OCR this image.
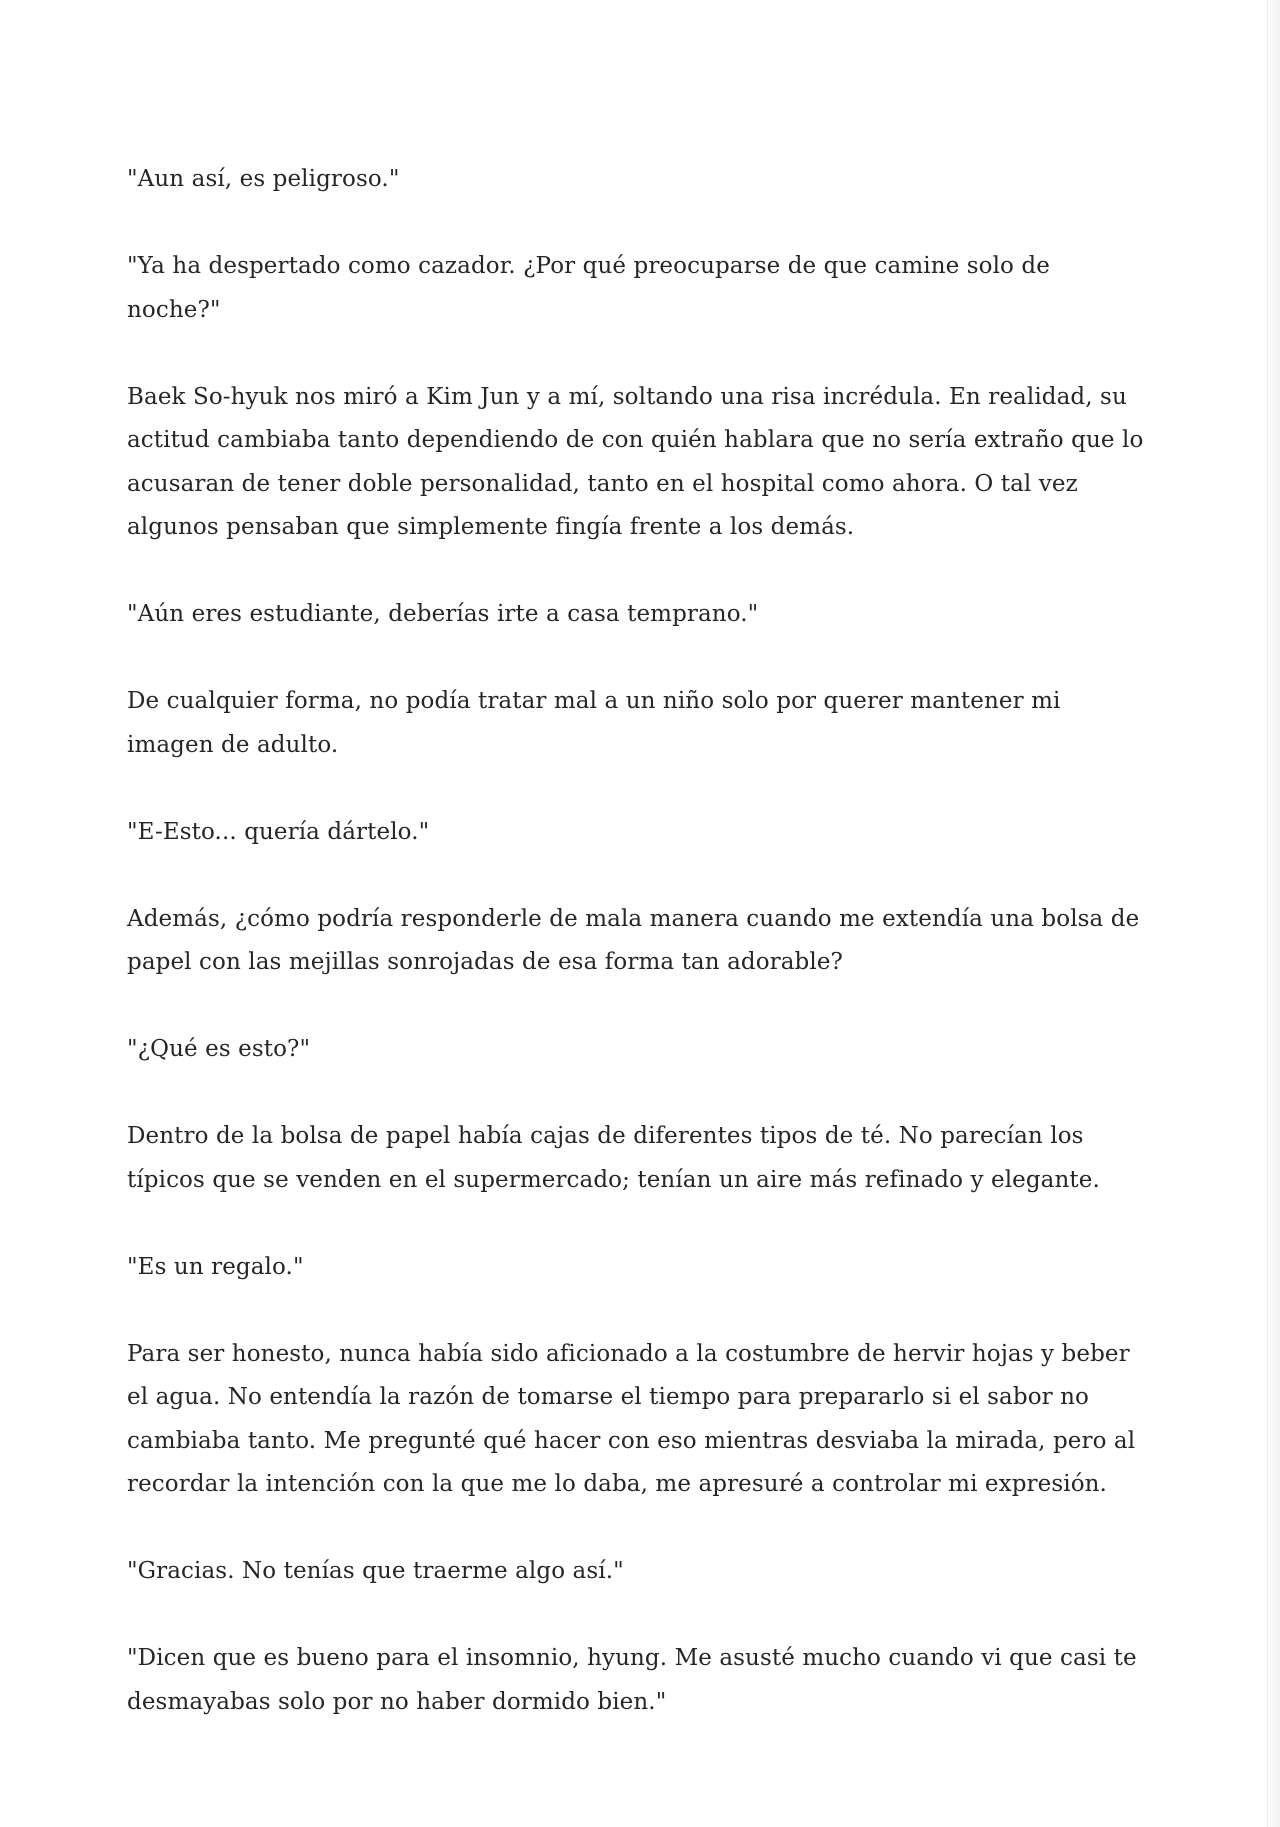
"Aun así, es peligroso."

"Ya ha despertado como cazador. ¿Por qué preocuparse de que camine solo de noche?"

Baek So-hyuk nos miró a Kim Jun y a mí, soltando una risa incrédula. En realidad, su actitud cambiaba tanto dependiendo de con quién hablara que no sería extraño que lo acusaran de tener doble personalidad, tanto en el hospital como ahora. O tal vez algunos pensaban que simplemente fingía frente a los demás.

"Aún eres estudiante, deberías irte a casa temprano."

De cualquier forma, no podía tratar mal a un niño solo por querer mantener mi imagen de adulto.

"E-Esto... quería dártelo."

Además, ¿cómo podría responderle de mala manera cuando me extendía una bolsa de papel con las mejillas sonrojadas de esa forma tan adorable?

"¿Qué es esto?"

Dentro de la bolsa de papel había cajas de diferentes tipos de té. No parecían los típicos que se venden en el supermercado; tenían un aire más refinado y elegante.

"Es un regalo."

Para ser honesto, nunca había sido aficionado a la costumbre de hervir hojas y beber el agua. No entendía la razón de tomarse el tiempo para prepararlo si el sabor no cambiaba tanto. Me pregunté qué hacer con eso mientras desviaba la mirada, pero al recordar la intención con la que me lo daba, me apresuré a controlar mi expresión.

"Gracias. No tenías que traerme algo así."

"Dicen que es bueno para el insomnio, hyung. Me asusté mucho cuando vi que casi te desmayabas solo por no haber dormido bien."
